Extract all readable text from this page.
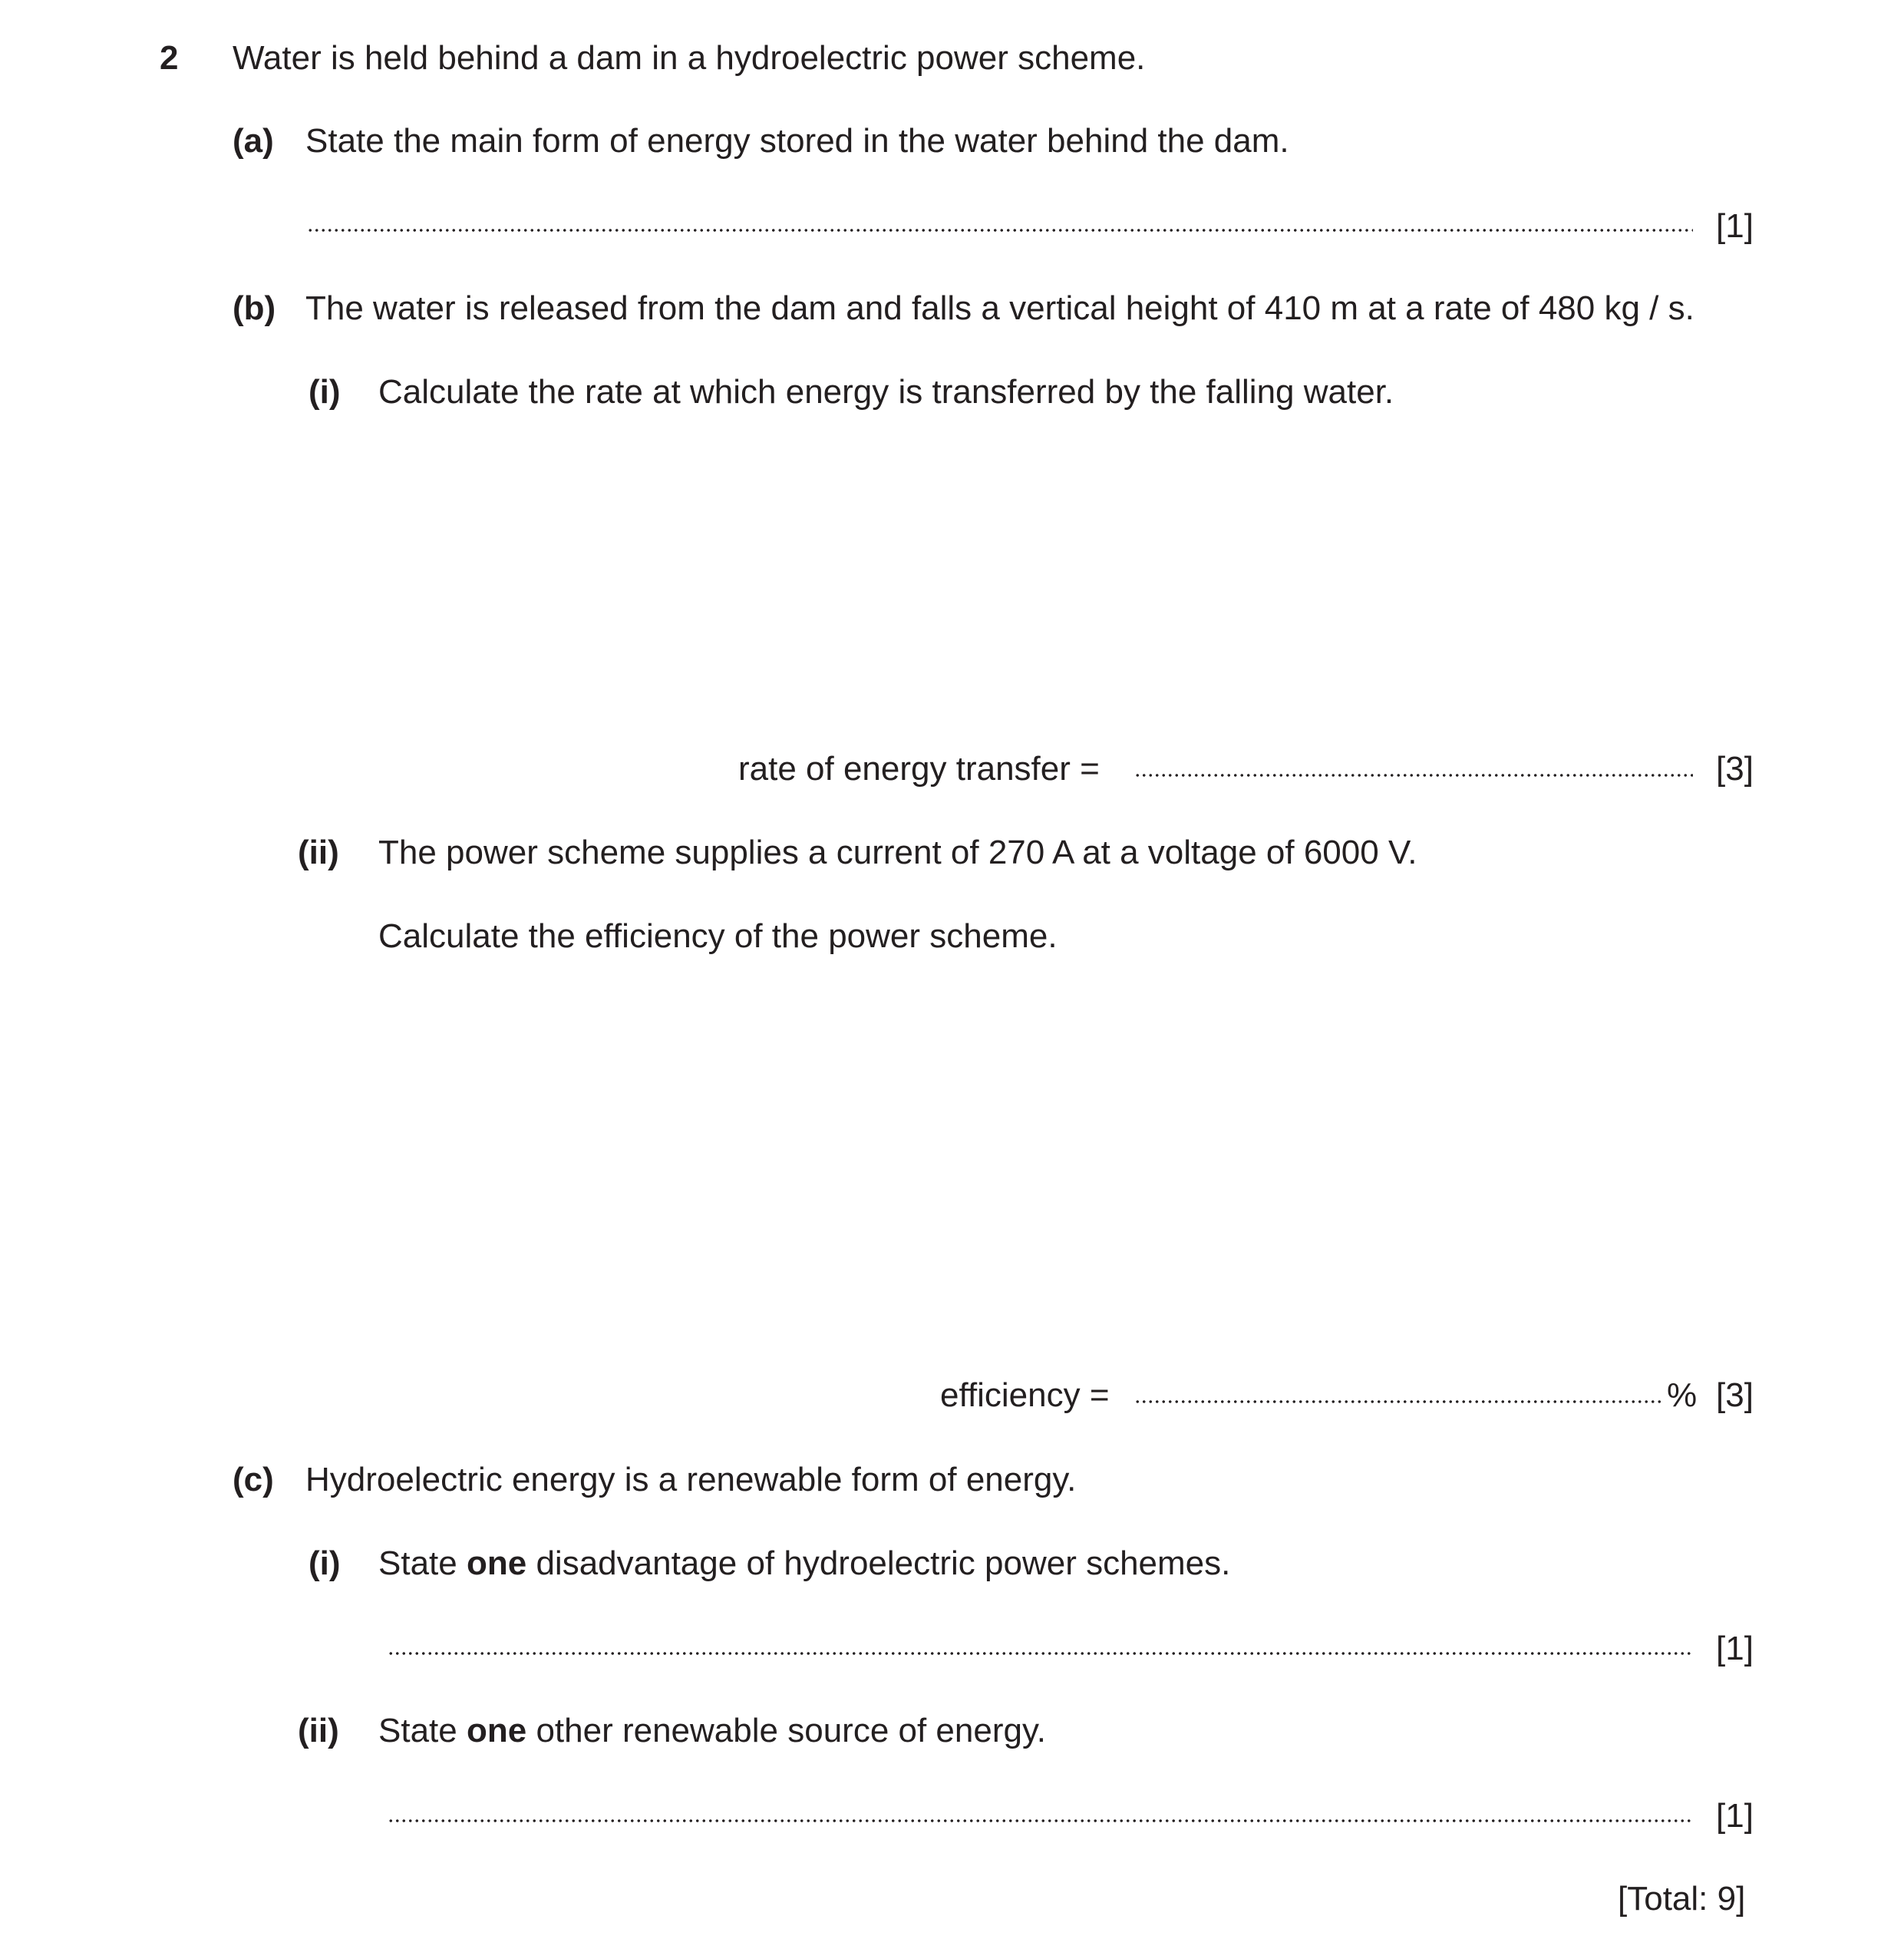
2 Water is held behind a dam in a hydroelectric power scheme.
(a) State the main form of energy stored in the water behind the dam.
[1]
(b) The water is released from the dam and falls a vertical height of 410 m at a rate of 480 kg / s.
(i) Calculate the rate at which energy is transferred by the falling water.
rate of energy transfer =	[3]
(ii) The power scheme supplies a current of 270 A at a voltage of 6000 V.
Calculate the efficiency of the power scheme.
efficiency =	% [3]
(c) Hydroelectric energy is a renewable form of energy.
(i) State one disadvantage of hydroelectric power schemes.
[1]
(ii) State one other renewable source of energy.
[1]
[Total: 9]
